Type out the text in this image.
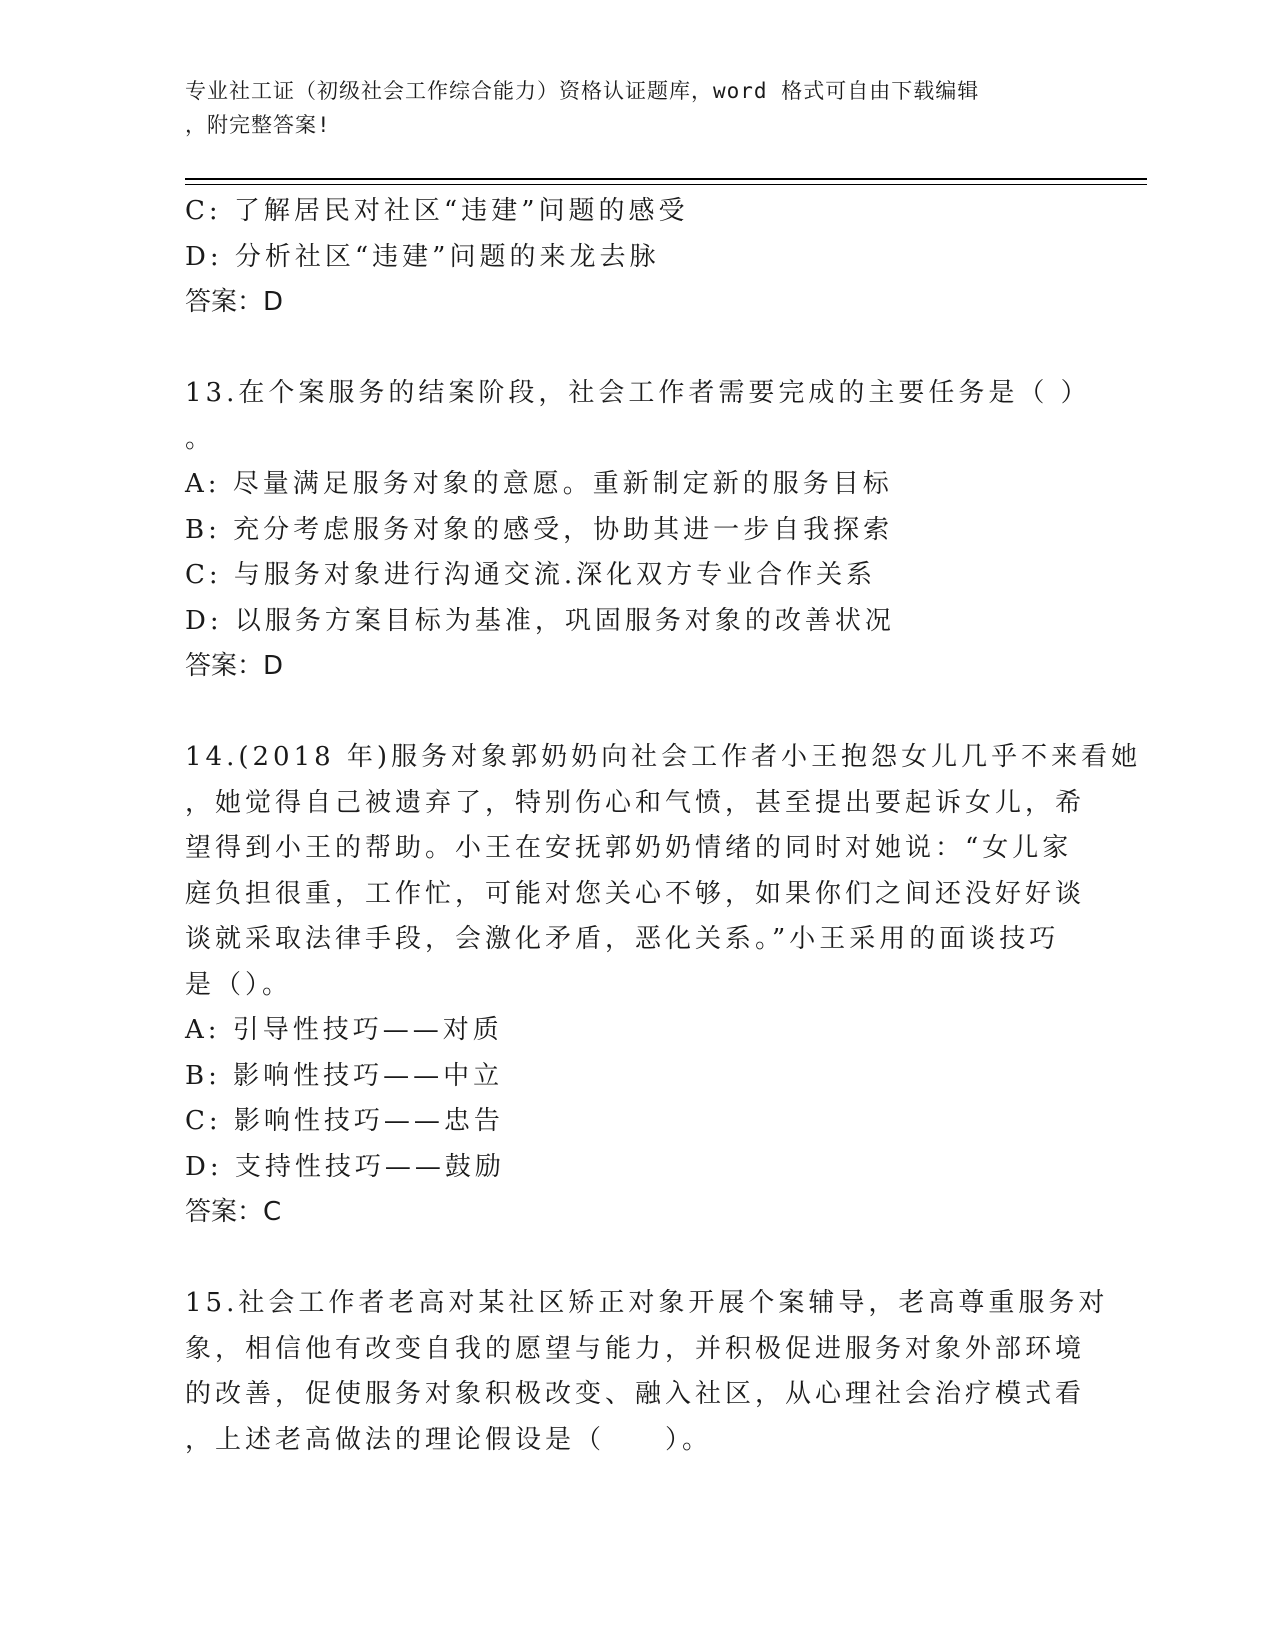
专业社工证（初级社会工作综合能力）资格认证题库，word 格式可自由下载编辑
，附完整答案!
C: 了解居民对社区“违建”问题的感受
D: 分析社区“违建”问题的来龙去脉
答案：D
13.在个案服务的结案阶段，社会工作者需要完成的主要任务是（ ）
。
A: 尽量满足服务对象的意愿。重新制定新的服务目标
B: 充分考虑服务对象的感受，协助其进一步自我探索
C: 与服务对象进行沟通交流.深化双方专业合作关系
D: 以服务方案目标为基准，巩固服务对象的改善状况
答案：D
14.(2018 年)服务对象郭奶奶向社会工作者小王抱怨女儿几乎不来看她
，她觉得自己被遗弃了，特别伤心和气愤，甚至提出要起诉女儿，希
望得到小王的帮助。小王在安抚郭奶奶情绪的同时对她说：“女儿家
庭负担很重，工作忙，可能对您关心不够，如果你们之间还没好好谈
谈就采取法律手段，会激化矛盾，恶化关系。”小王采用的面谈技巧
是（）。
A: 引导性技巧——对质
B: 影响性技巧——中立
C: 影响性技巧——忠告
D: 支持性技巧——鼓励
答案：C
15.社会工作者老高对某社区矫正对象开展个案辅导，老高尊重服务对
象，相信他有改变自我的愿望与能力，并积极促进服务对象外部环境
的改善，促使服务对象积极改变、融入社区，从心理社会治疗模式看
，上述老高做法的理论假设是（　　）。
